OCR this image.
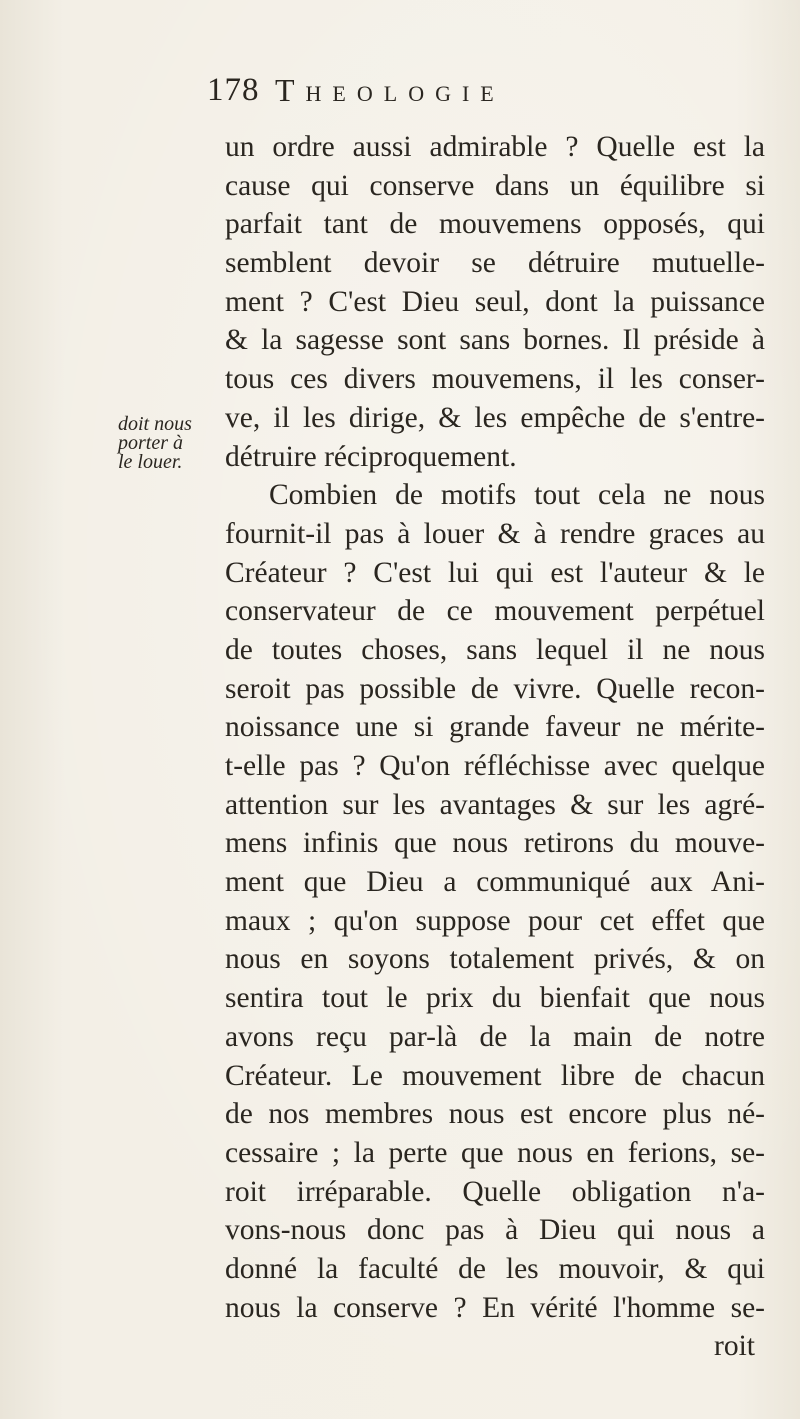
178 Theologie
doit nous
porter à
le louer.
un ordre aussi admirable ? Quelle est la
cause qui conserve dans un équilibre si
parfait tant de mouvemens opposés, qui
semblent devoir se détruire mutuelle-
ment ? C'est Dieu seul, dont la puissance
& la sagesse sont sans bornes. Il préside à
tous ces divers mouvemens, il les conser-
ve, il les dirige, & les empêche de s'entre-
détruire réciproquement.
Combien de motifs tout cela ne nous
fournit-il pas à louer & à rendre graces au
Créateur ? C'est lui qui est l'auteur & le
conservateur de ce mouvement perpétuel
de toutes choses, sans lequel il ne nous
seroit pas possible de vivre. Quelle recon-
noissance une si grande faveur ne mérite-
t-elle pas ? Qu'on réfléchisse avec quelque
attention sur les avantages & sur les agré-
mens infinis que nous retirons du mouve-
ment que Dieu a communiqué aux Ani-
maux ; qu'on suppose pour cet effet que
nous en soyons totalement privés, & on
sentira tout le prix du bienfait que nous
avons reçu par-là de la main de notre
Créateur. Le mouvement libre de chacun
de nos membres nous est encore plus né-
cessaire ; la perte que nous en ferions, se-
roit irréparable. Quelle obligation n'a-
vons-nous donc pas à Dieu qui nous a
donné la faculté de les mouvoir, & qui
nous la conserve ? En vérité l'homme se-
roit
